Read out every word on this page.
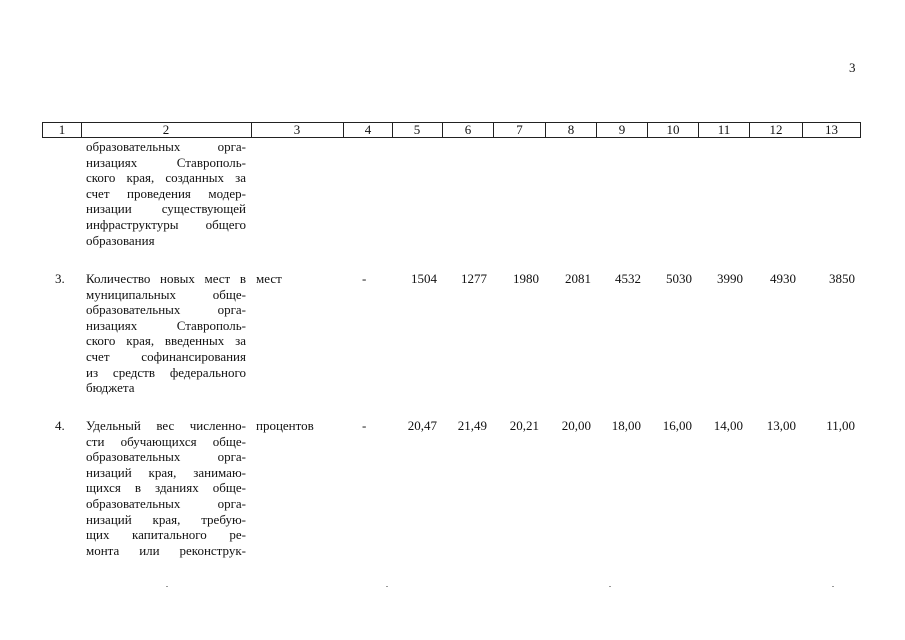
3
1	2	3	4	5	6	7	8	9	10	11	12	13
образовательных	орга-
низациях	Ставрополь-
ского края, созданных за
счет проведения модер-
низации существующей
инфраструктуры общего
образования
3. Количество новых мест в
муниципальных	обще-
образовательных	орга-
низациях	Ставрополь-
ского края, введенных за
счет софинансирования
из средств федерального
бюджета
мест	-	1504 1277 1980 2081 4532 5030 3990 4930	3850
4. Удельный вес численно-
сти обучающихся обще-
образовательных	орга-
низаций края, занимаю-
щихся в зданиях обще-
образовательных	орга-
низаций края, требую-
щих капитального ре-
монта или реконструк-
процентов	-	20,47 21,49 20,21 20,00 18,00 16,00 14,00 13,00 11,00
